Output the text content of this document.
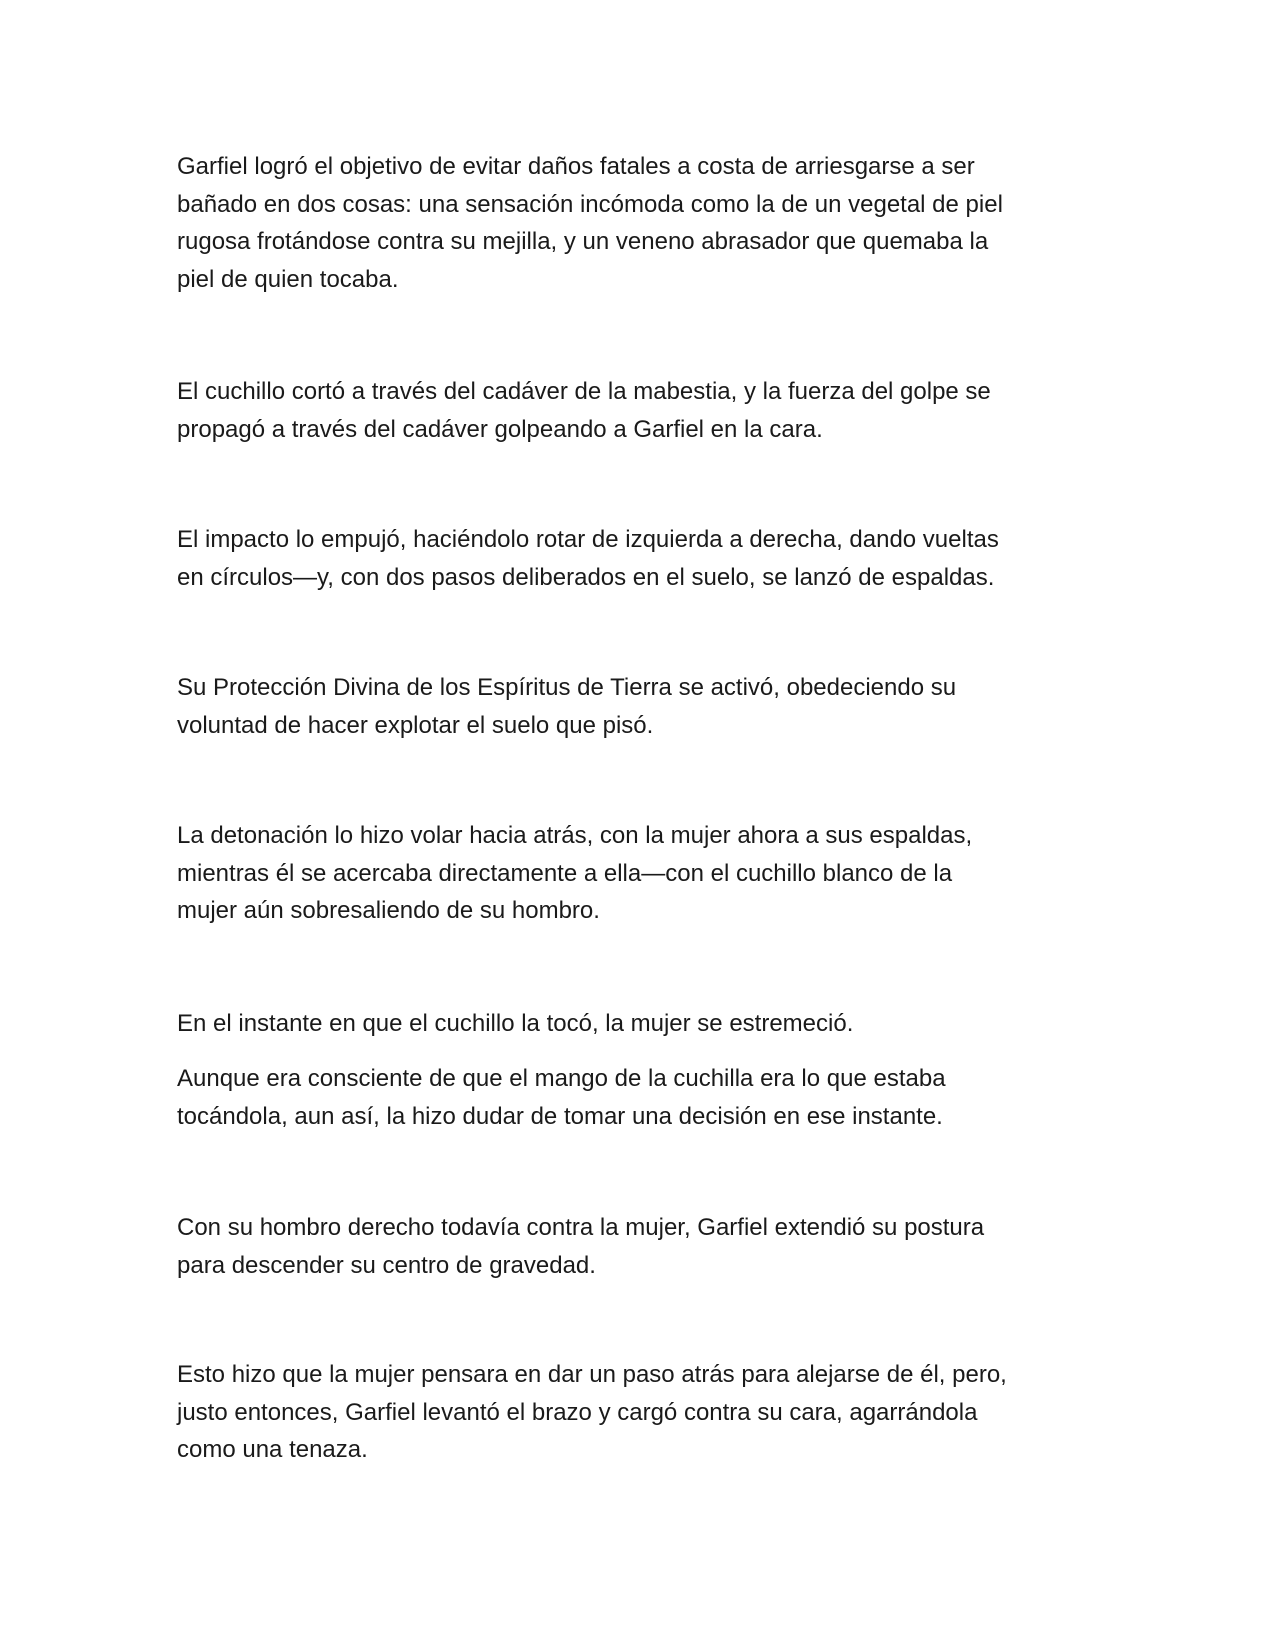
Garfiel logró el objetivo de evitar daños fatales a costa de arriesgarse a ser
bañado en dos cosas: una sensación incómoda como la de un vegetal de piel
rugosa frotándose contra su mejilla, y un veneno abrasador que quemaba la
piel de quien tocaba.

El cuchillo cortó a través del cadáver de la mabestia, y la fuerza del golpe se
propagó a través del cadáver golpeando a Garfiel en la cara.

El impacto lo empujó, haciéndolo rotar de izquierda a derecha, dando vueltas
en círculos—y, con dos pasos deliberados en el suelo, se lanzó de espaldas.

Su Protección Divina de los Espíritus de Tierra se activó, obedeciendo su
voluntad de hacer explotar el suelo que pisó.

La detonación lo hizo volar hacia atrás, con la mujer ahora a sus espaldas,
mientras él se acercaba directamente a ella—con el cuchillo blanco de la
mujer aún sobresaliendo de su hombro.

En el instante en que el cuchillo la tocó, la mujer se estremeció.

Aunque era consciente de que el mango de la cuchilla era lo que estaba
tocándola, aun así, la hizo dudar de tomar una decisión en ese instante.

Con su hombro derecho todavía contra la mujer, Garfiel extendió su postura
para descender su centro de gravedad.

Esto hizo que la mujer pensara en dar un paso atrás para alejarse de él, pero,
justo entonces, Garfiel levantó el brazo y cargó contra su cara, agarrándola
como una tenaza.
